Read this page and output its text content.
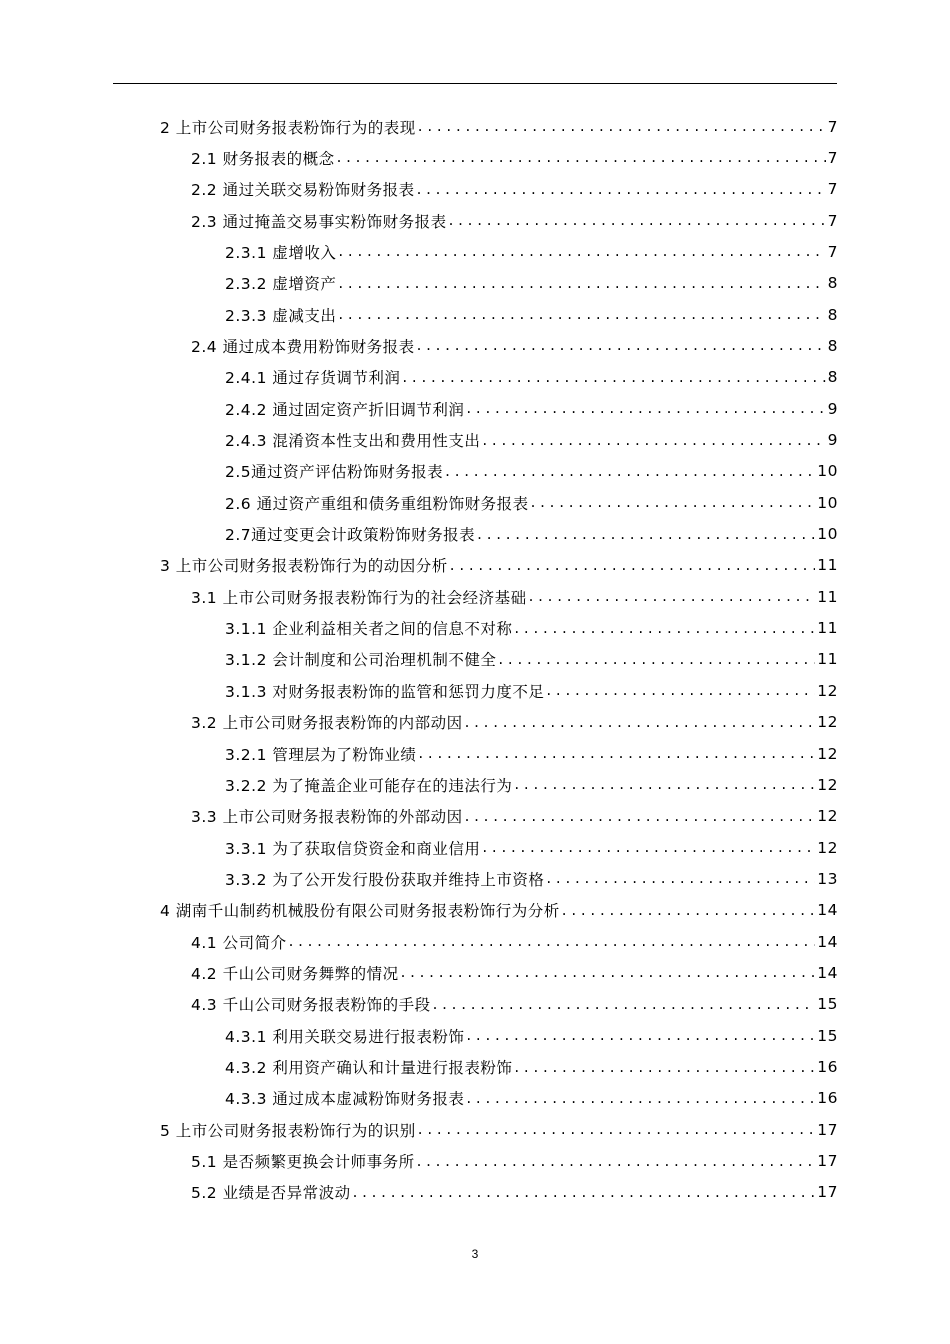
2 上市公司财务报表粉饰行为的表现 . . .	7
2.1 财务报表的概念 . . .	7
2.2 通过关联交易粉饰财务报表 . . .	7
2.3 通过掩盖交易事实粉饰财务报表 . . .	7
2.3.1 虚增收入 . . .	7
2.3.2 虚增资产 . . .	8
2.3.3 虚减支出 . . .	8
2.4 通过成本费用粉饰财务报表 . . .	8
2.4.1 通过存货调节利润 . . .	8
2.4.2 通过固定资产折旧调节利润 . . .	9
2.4.3 混淆资本性支出和费用性支出 . . .	9
2.5通过资产评估粉饰财务报表 . . .	10
2.6 通过资产重组和债务重组粉饰财务报表 . . .	10
2.7通过变更会计政策粉饰财务报表 . . .	10
3 上市公司财务报表粉饰行为的动因分析 . . .	11
3.1 上市公司财务报表粉饰行为的社会经济基础 . . .	11
3.1.1 企业利益相关者之间的信息不对称 . . .	11
3.1.2 会计制度和公司治理机制不健全 . . .	11
3.1.3 对财务报表粉饰的监管和惩罚力度不足 . . .	12
3.2 上市公司财务报表粉饰的内部动因 . . .	12
3.2.1 管理层为了粉饰业绩 . . .	12
3.2.2 为了掩盖企业可能存在的违法行为 . . .	12
3.3 上市公司财务报表粉饰的外部动因 . . .	12
3.3.1 为了获取信贷资金和商业信用 . . .	12
3.3.2 为了公开发行股份获取并维持上市资格 . . .	13
4 湖南千山制药机械股份有限公司财务报表粉饰行为分析 . . .	14
4.1 公司简介 . . .	14
4.2 千山公司财务舞弊的情况 . . .	14
4.3 千山公司财务报表粉饰的手段 . . .	15
4.3.1 利用关联交易进行报表粉饰 . . .	15
4.3.2 利用资产确认和计量进行报表粉饰 . . .	16
4.3.3 通过成本虚减粉饰财务报表 . . .	16
5 上市公司财务报表粉饰行为的识别 . . .	17
5.1 是否频繁更换会计师事务所 . . .	17
5.2 业绩是否异常波动 . . .	17
3
